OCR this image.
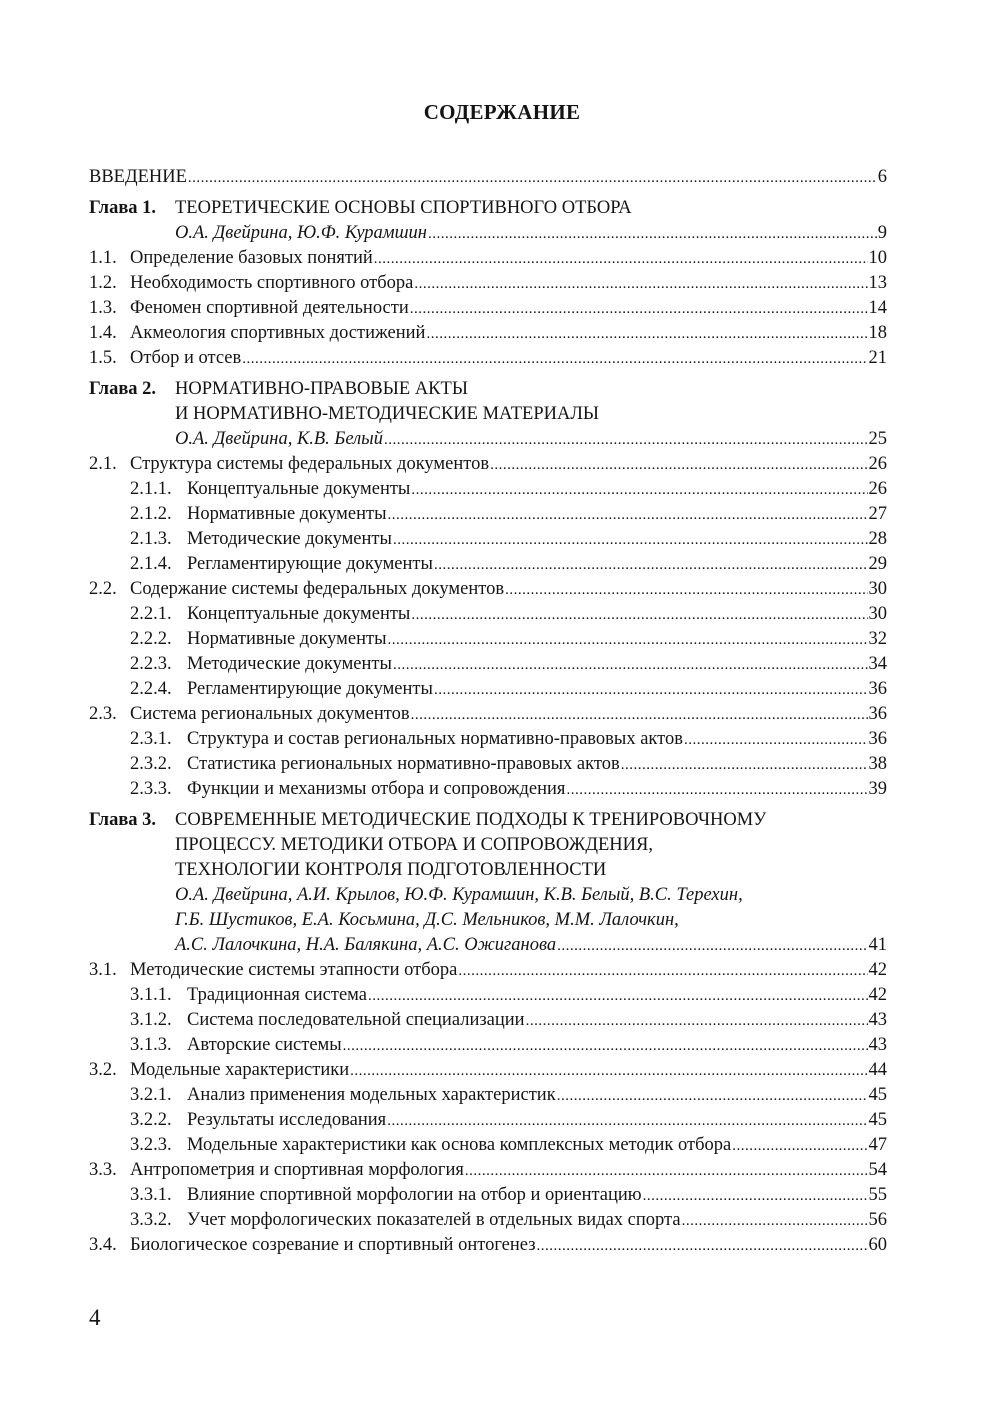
СОДЕРЖАНИЕ
ВВЕДЕНИЕ .....	6
Глава 1.	ТЕОРЕТИЧЕСКИЕ ОСНОВЫ СПОРТИВНОГО ОТБОРА
О.А. Двейрина, Ю.Ф. Курамшин .....	9
1.1. Определение базовых понятий .....	10
1.2. Необходимость спортивного отбора .....	13
1.3. Феномен спортивной деятельности .....	14
1.4. Акмеология спортивных достижений .....	18
1.5. Отбор и отсев .....	21
Глава 2.	НОРМАТИВНО-ПРАВОВЫЕ АКТЫ
И НОРМАТИВНО-МЕТОДИЧЕСКИЕ МАТЕРИАЛЫ
О.А. Двейрина, К.В. Белый .....	25
2.1. Структура системы федеральных документов .....	26
2.1.1. Концептуальные документы .....	26
2.1.2. Нормативные документы .....	27
2.1.3. Методические документы .....	28
2.1.4. Регламентирующие документы .....	29
2.2. Содержание системы федеральных документов .....	30
2.2.1. Концептуальные документы .....	30
2.2.2. Нормативные документы .....	32
2.2.3. Методические документы .....	34
2.2.4. Регламентирующие документы .....	36
2.3. Система региональных документов .....	36
2.3.1. Структура и состав региональных нормативно-правовых актов .....	36
2.3.2. Статистика региональных нормативно-правовых актов .....	38
2.3.3. Функции и механизмы отбора и сопровождения .....	39
Глава 3.	СОВРЕМЕННЫЕ МЕТОДИЧЕСКИЕ ПОДХОДЫ К ТРЕНИРОВОЧНОМУ
ПРОЦЕССУ. МЕТОДИКИ ОТБОРА И СОПРОВОЖДЕНИЯ,
ТЕХНОЛОГИИ КОНТРОЛЯ ПОДГОТОВЛЕННОСТИ
О.А. Двейрина, А.И. Крылов, Ю.Ф. Курамшин, К.В. Белый, В.С. Терехин,
Г.Б. Шустиков, Е.А. Косьмина, Д.С. Мельников, М.М. Лалочкин,
А.С. Лалочкина, Н.А. Балякина, А.С. Ожиганова .....	41
3.1. Методические системы этапности отбора .....	42
3.1.1. Традиционная система .....	42
3.1.2. Система последовательной специализации .....	43
3.1.3. Авторские системы .....	43
3.2. Модельные характеристики .....	44
3.2.1. Анализ применения модельных характеристик .....	45
3.2.2. Результаты исследования .....	45
3.2.3. Модельные характеристики как основа комплексных методик отбора .....	47
3.3. Антропометрия и спортивная морфология .....	54
3.3.1. Влияние спортивной морфологии на отбор и ориентацию .....	55
3.3.2. Учет морфологических показателей в отдельных видах спорта .....	56
3.4. Биологическое созревание и спортивный онтогенез .....	60
4
